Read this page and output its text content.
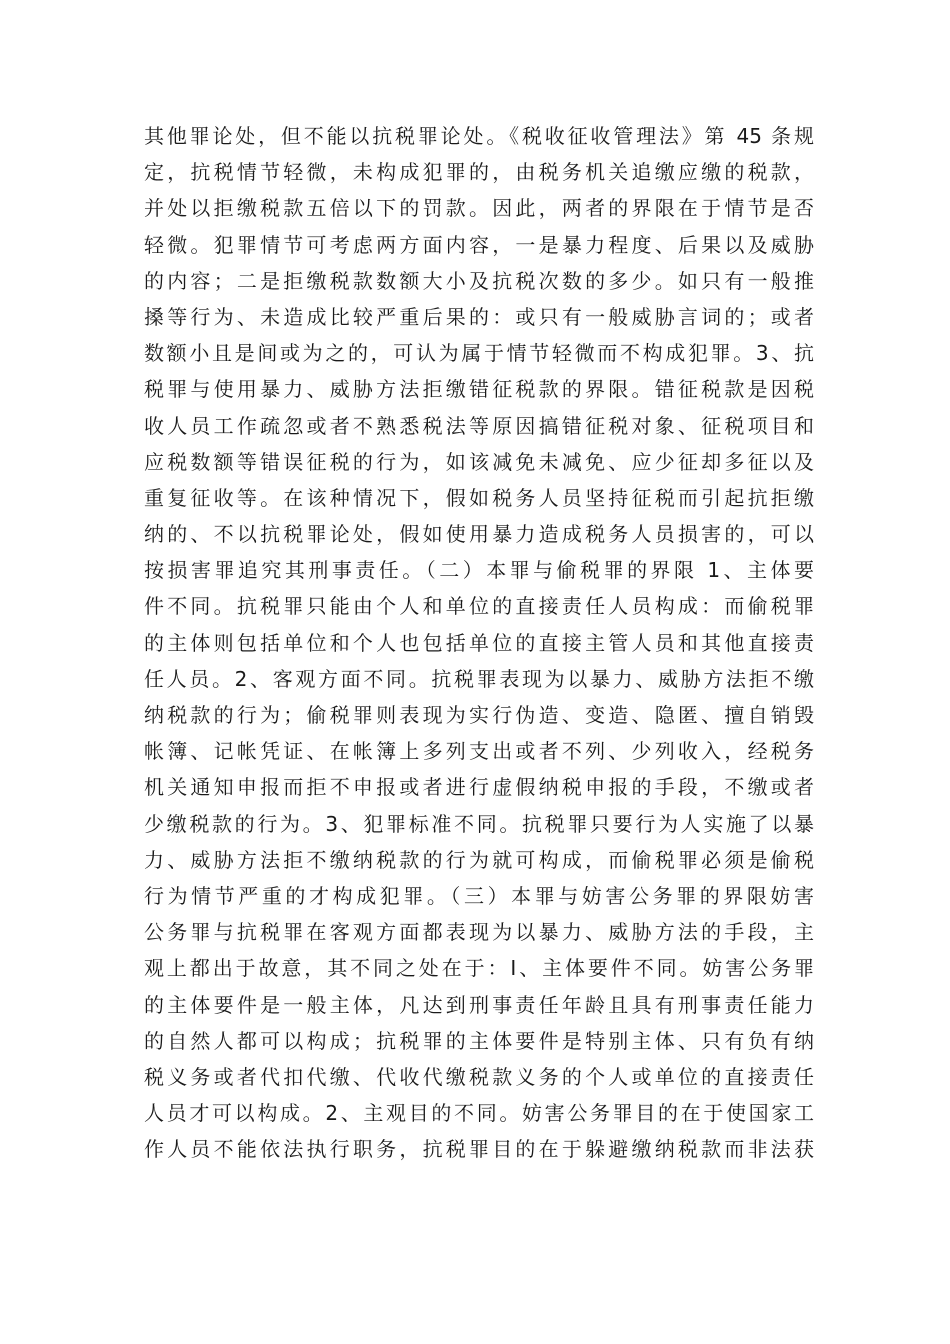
其他罪论处，但不能以抗税罪论处。《税收征收管理法》第 45 条规
定，抗税情节轻微，未构成犯罪的，由税务机关追缴应缴的税款，
并处以拒缴税款五倍以下的罚款。因此，两者的界限在于情节是否
轻微。犯罪情节可考虑两方面内容，一是暴力程度、后果以及威胁
的内容；二是拒缴税款数额大小及抗税次数的多少。如只有一般推
搡等行为、未造成比较严重后果的：或只有一般威胁言词的；或者
数额小且是间或为之的，可认为属于情节轻微而不构成犯罪。3、抗
税罪与使用暴力、威胁方法拒缴错征税款的界限。错征税款是因税
收人员工作疏忽或者不熟悉税法等原因搞错征税对象、征税项目和
应税数额等错误征税的行为，如该减免未减免、应少征却多征以及
重复征收等。在该种情况下，假如税务人员坚持征税而引起抗拒缴
纳的、不以抗税罪论处，假如使用暴力造成税务人员损害的，可以
按损害罪追究其刑事责任。（二）本罪与偷税罪的界限 1、主体要
件不同。抗税罪只能由个人和单位的直接责任人员构成：而偷税罪
的主体则包括单位和个人也包括单位的直接主管人员和其他直接责
任人员。2、客观方面不同。抗税罪表现为以暴力、威胁方法拒不缴
纳税款的行为；偷税罪则表现为实行伪造、变造、隐匿、擅自销毁
帐簿、记帐凭证、在帐簿上多列支出或者不列、少列收入，经税务
机关通知申报而拒不申报或者进行虚假纳税申报的手段，不缴或者
少缴税款的行为。3、犯罪标准不同。抗税罪只要行为人实施了以暴
力、威胁方法拒不缴纳税款的行为就可构成，而偷税罪必须是偷税
行为情节严重的才构成犯罪。（三）本罪与妨害公务罪的界限妨害
公务罪与抗税罪在客观方面都表现为以暴力、威胁方法的手段，主
观上都出于故意，其不同之处在于：I、主体要件不同。妨害公务罪
的主体要件是一般主体，凡达到刑事责任年龄且具有刑事责任能力
的自然人都可以构成；抗税罪的主体要件是特别主体、只有负有纳
税义务或者代扣代缴、代收代缴税款义务的个人或单位的直接责任
人员才可以构成。2、主观目的不同。妨害公务罪目的在于使国家工
作人员不能依法执行职务，抗税罪目的在于躲避缴纳税款而非法获
